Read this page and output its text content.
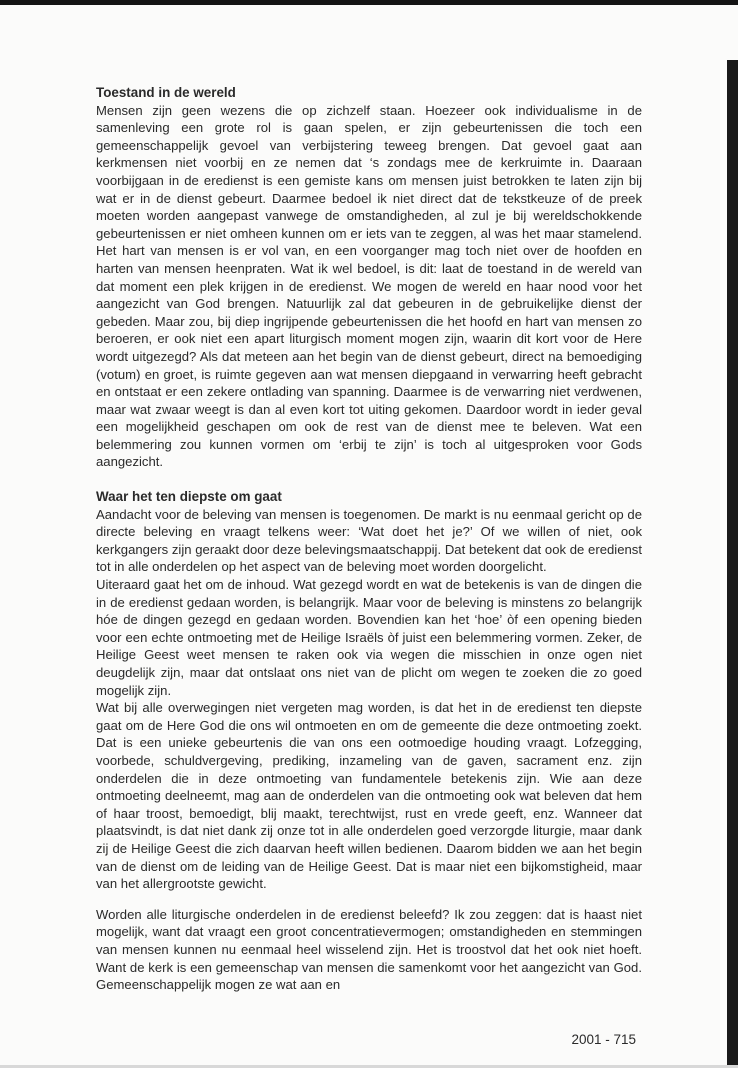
Toestand in de wereld

Mensen zijn geen wezens die op zichzelf staan. Hoezeer ook individualisme in de samenleving een grote rol is gaan spelen, er zijn gebeurtenissen die toch een gemeenschappelijk gevoel van verbijstering teweeg brengen. Dat gevoel gaat aan kerkmensen niet voorbij en ze nemen dat ‘s zondags mee de kerkruimte in. Daaraan voorbijgaan in de eredienst is een gemiste kans om mensen juist betrokken te laten zijn bij wat er in de dienst gebeurt. Daarmee bedoel ik niet direct dat de tekstkeuze of de preek moeten worden aangepast vanwege de omstandigheden, al zul je bij wereldschokkende gebeurtenissen er niet omheen kunnen om er iets van te zeggen, al was het maar stamelend. Het hart van mensen is er vol van, en een voorganger mag toch niet over de hoofden en harten van mensen heenpraten. Wat ik wel bedoel, is dit: laat de toestand in de wereld van dat moment een plek krijgen in de eredienst. We mogen de wereld en haar nood voor het aangezicht van God brengen. Natuurlijk zal dat gebeuren in de gebruikelijke dienst der gebeden. Maar zou, bij diep ingrijpende gebeurtenissen die het hoofd en hart van mensen zo beroeren, er ook niet een apart liturgisch moment mogen zijn, waarin dit kort voor de Here wordt uitgezegd? Als dat meteen aan het begin van de dienst gebeurt, direct na bemoediging (votum) en groet, is ruimte gegeven aan wat mensen diepgaand in verwarring heeft gebracht en ontstaat er een zekere ontlading van spanning. Daarmee is de verwarring niet verdwenen, maar wat zwaar weegt is dan al even kort tot uiting gekomen. Daardoor wordt in ieder geval een mogelijkheid geschapen om ook de rest van de dienst mee te beleven. Wat een belemmering zou kunnen vormen om ‘erbij te zijn’ is toch al uitgesproken voor Gods aangezicht.

Waar het ten diepste om gaat

Aandacht voor de beleving van mensen is toegenomen. De markt is nu eenmaal gericht op de directe beleving en vraagt telkens weer: ‘Wat doet het je?’ Of we willen of niet, ook kerkgangers zijn geraakt door deze belevingsmaatschappij. Dat betekent dat ook de eredienst tot in alle onderdelen op het aspect van de beleving moet worden doorgelicht.

Uiteraard gaat het om de inhoud. Wat gezegd wordt en wat de betekenis is van de dingen die in de eredienst gedaan worden, is belangrijk. Maar voor de beleving is minstens zo belangrijk hóe de dingen gezegd en gedaan worden. Bovendien kan het ‘hoe’ òf een opening bieden voor een echte ontmoeting met de Heilige Israëls òf juist een belemmering vormen. Zeker, de Heilige Geest weet mensen te raken ook via wegen die misschien in onze ogen niet deugdelijk zijn, maar dat ontslaat ons niet van de plicht om wegen te zoeken die zo goed mogelijk zijn.

Wat bij alle overwegingen niet vergeten mag worden, is dat het in de eredienst ten diepste gaat om de Here God die ons wil ontmoeten en om de gemeente die deze ontmoeting zoekt. Dat is een unieke gebeurtenis die van ons een ootmoedige houding vraagt. Lofzegging, voorbede, schuldvergeving, prediking, inzameling van de gaven, sacrament enz. zijn onderdelen die in deze ontmoeting van fundamentele betekenis zijn. Wie aan deze ontmoeting deelneemt, mag aan de onderdelen van die ontmoeting ook wat beleven dat hem of haar troost, bemoedigt, blij maakt, terechtwijst, rust en vrede geeft, enz. Wanneer dat plaatsvindt, is dat niet dank zij onze tot in alle onderdelen goed verzorgde liturgie, maar dank zij de Heilige Geest die zich daarvan heeft willen bedienen. Daarom bidden we aan het begin van de dienst om de leiding van de Heilige Geest. Dat is maar niet een bijkomstigheid, maar van het allergrootste gewicht.

Worden alle liturgische onderdelen in de eredienst beleefd? Ik zou zeggen: dat is haast niet mogelijk, want dat vraagt een groot concentratievermogen; omstandigheden en stemmingen van mensen kunnen nu eenmaal heel wisselend zijn. Het is troostvol dat het ook niet hoeft. Want de kerk is een gemeenschap van mensen die samenkomt voor het aangezicht van God. Gemeenschappelijk mogen ze wat aan en

2001 - 715
